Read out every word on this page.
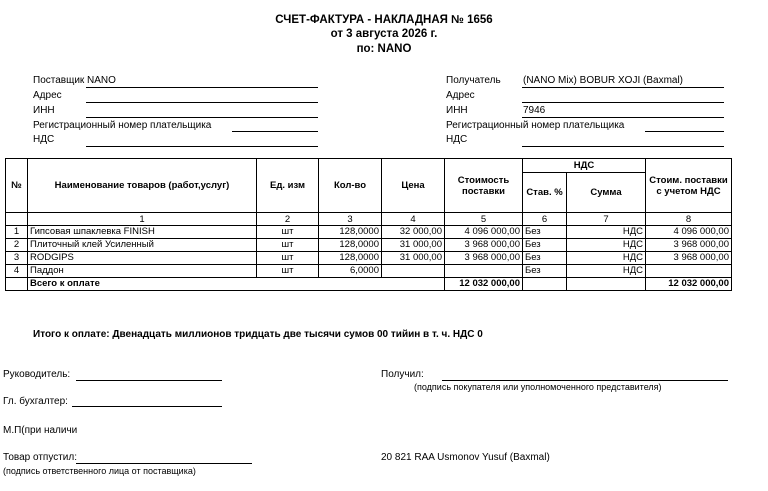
СЧЕТ-ФАКТУРА - НАКЛАДНАЯ № 1656
от 3 августа 2026 г.
по: NANO
Поставщик NANO
Адрес
ИНН
Регистрационный номер плательщика
НДС
Получатель (NANO Mix) BOBUR XOJI (Baxmal)
Адрес
ИНН	7946
Регистрационный номер плательщика
НДС
№	Наименование товаров (работ,услуг)	Ед. изм	Кол-во	Цена	Стоимость поставки	НДС		Стоим. поставки с учетом НДС
						Став. %	Сумма	
	1	2	3	4	5	6	7	8
1	Гипсовая шпаклевка FINISH	шт	128,0000	32 000,00	4 096 000,00	Без	НДС	4 096 000,00
2	Плиточный клей Усиленный	шт	128,0000	31 000,00	3 968 000,00	Без	НДС	3 968 000,00
3	RODGIPS	шт	128,0000	31 000,00	3 968 000,00	Без	НДС	3 968 000,00
4	Паддон	шт	6,0000			Без	НДС	
	Всего к оплате				12 032 000,00			12 032 000,00
Итого к оплате: Двенадцать миллионов тридцать две тысячи сумов 00 тийин в т. ч. НДС 0
Руководитель:
Гл. бухгалтер:
М.П(при наличи
Товар отпустил:
(подпись ответственного лица от поставщика)
Получил:
(подпись покупателя или уполномоченного представителя)
20 821 RAA Usmonov Yusuf (Baxmal)
